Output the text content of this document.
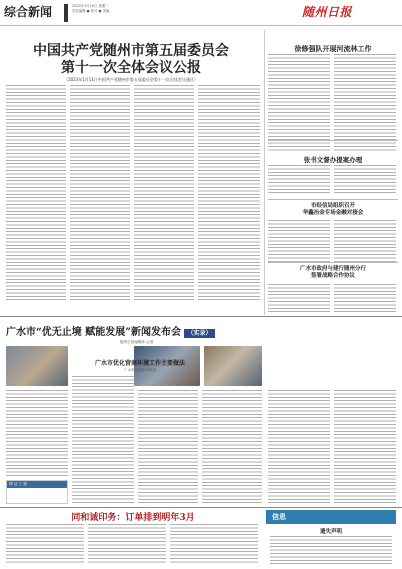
综合新闻	2023年1月10日 星期二
责任编辑 ● 校对 ● 美编	随州日报
中国共产党随州市第五届委员会
第十一次全体会议公报
（2023年1月11日中国共产党随州市第五届委员会第十一次全体会议通过）
徐修强队开展河流林工作
张书文督办提案办理
市经信局组织召开
华鑫冶金专场金融对接会
广水市政府与建行随州分行
签署战略合作协议
广水市“优无止境 赋能发展”新闻发布会 （实录）
随州日报融媒体 记者
广水市优化营商环境工作主要做法
广水市发展和改革局
网 站 之 窗
同和诚印务：订单排到明年3月	信息
遗失声明
